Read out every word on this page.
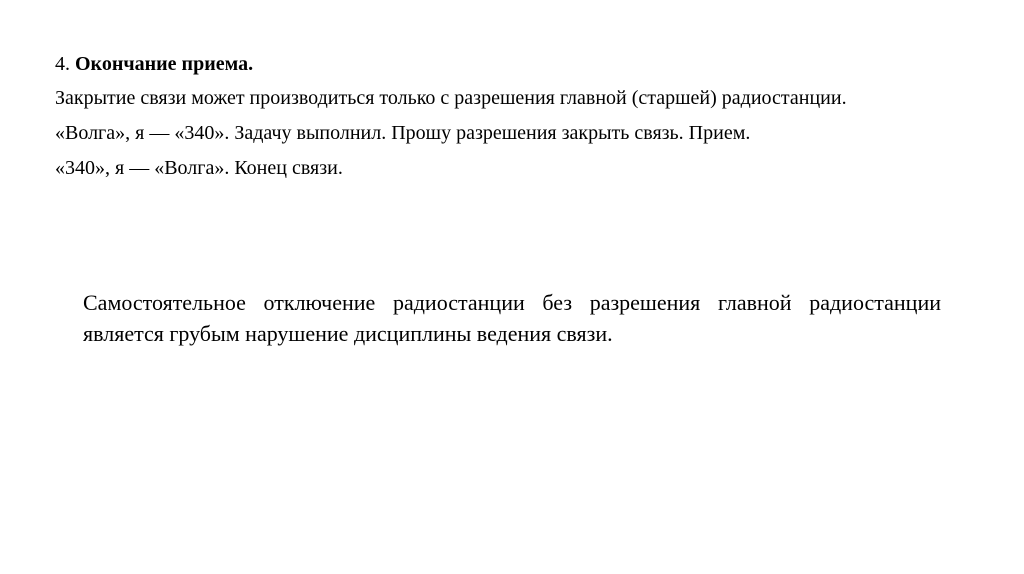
4. Окончание приема.

Закрытие связи может производиться только с разрешения главной (старшей) радиостанции.

«Волга», я — «340». Задачу выполнил. Прошу разрешения закрыть связь. Прием.

«340», я — «Волга». Конец связи.

Самостоятельное отключение радиостанции без разрешения главной радиостанции является грубым нарушение дисциплины ведения связи.
